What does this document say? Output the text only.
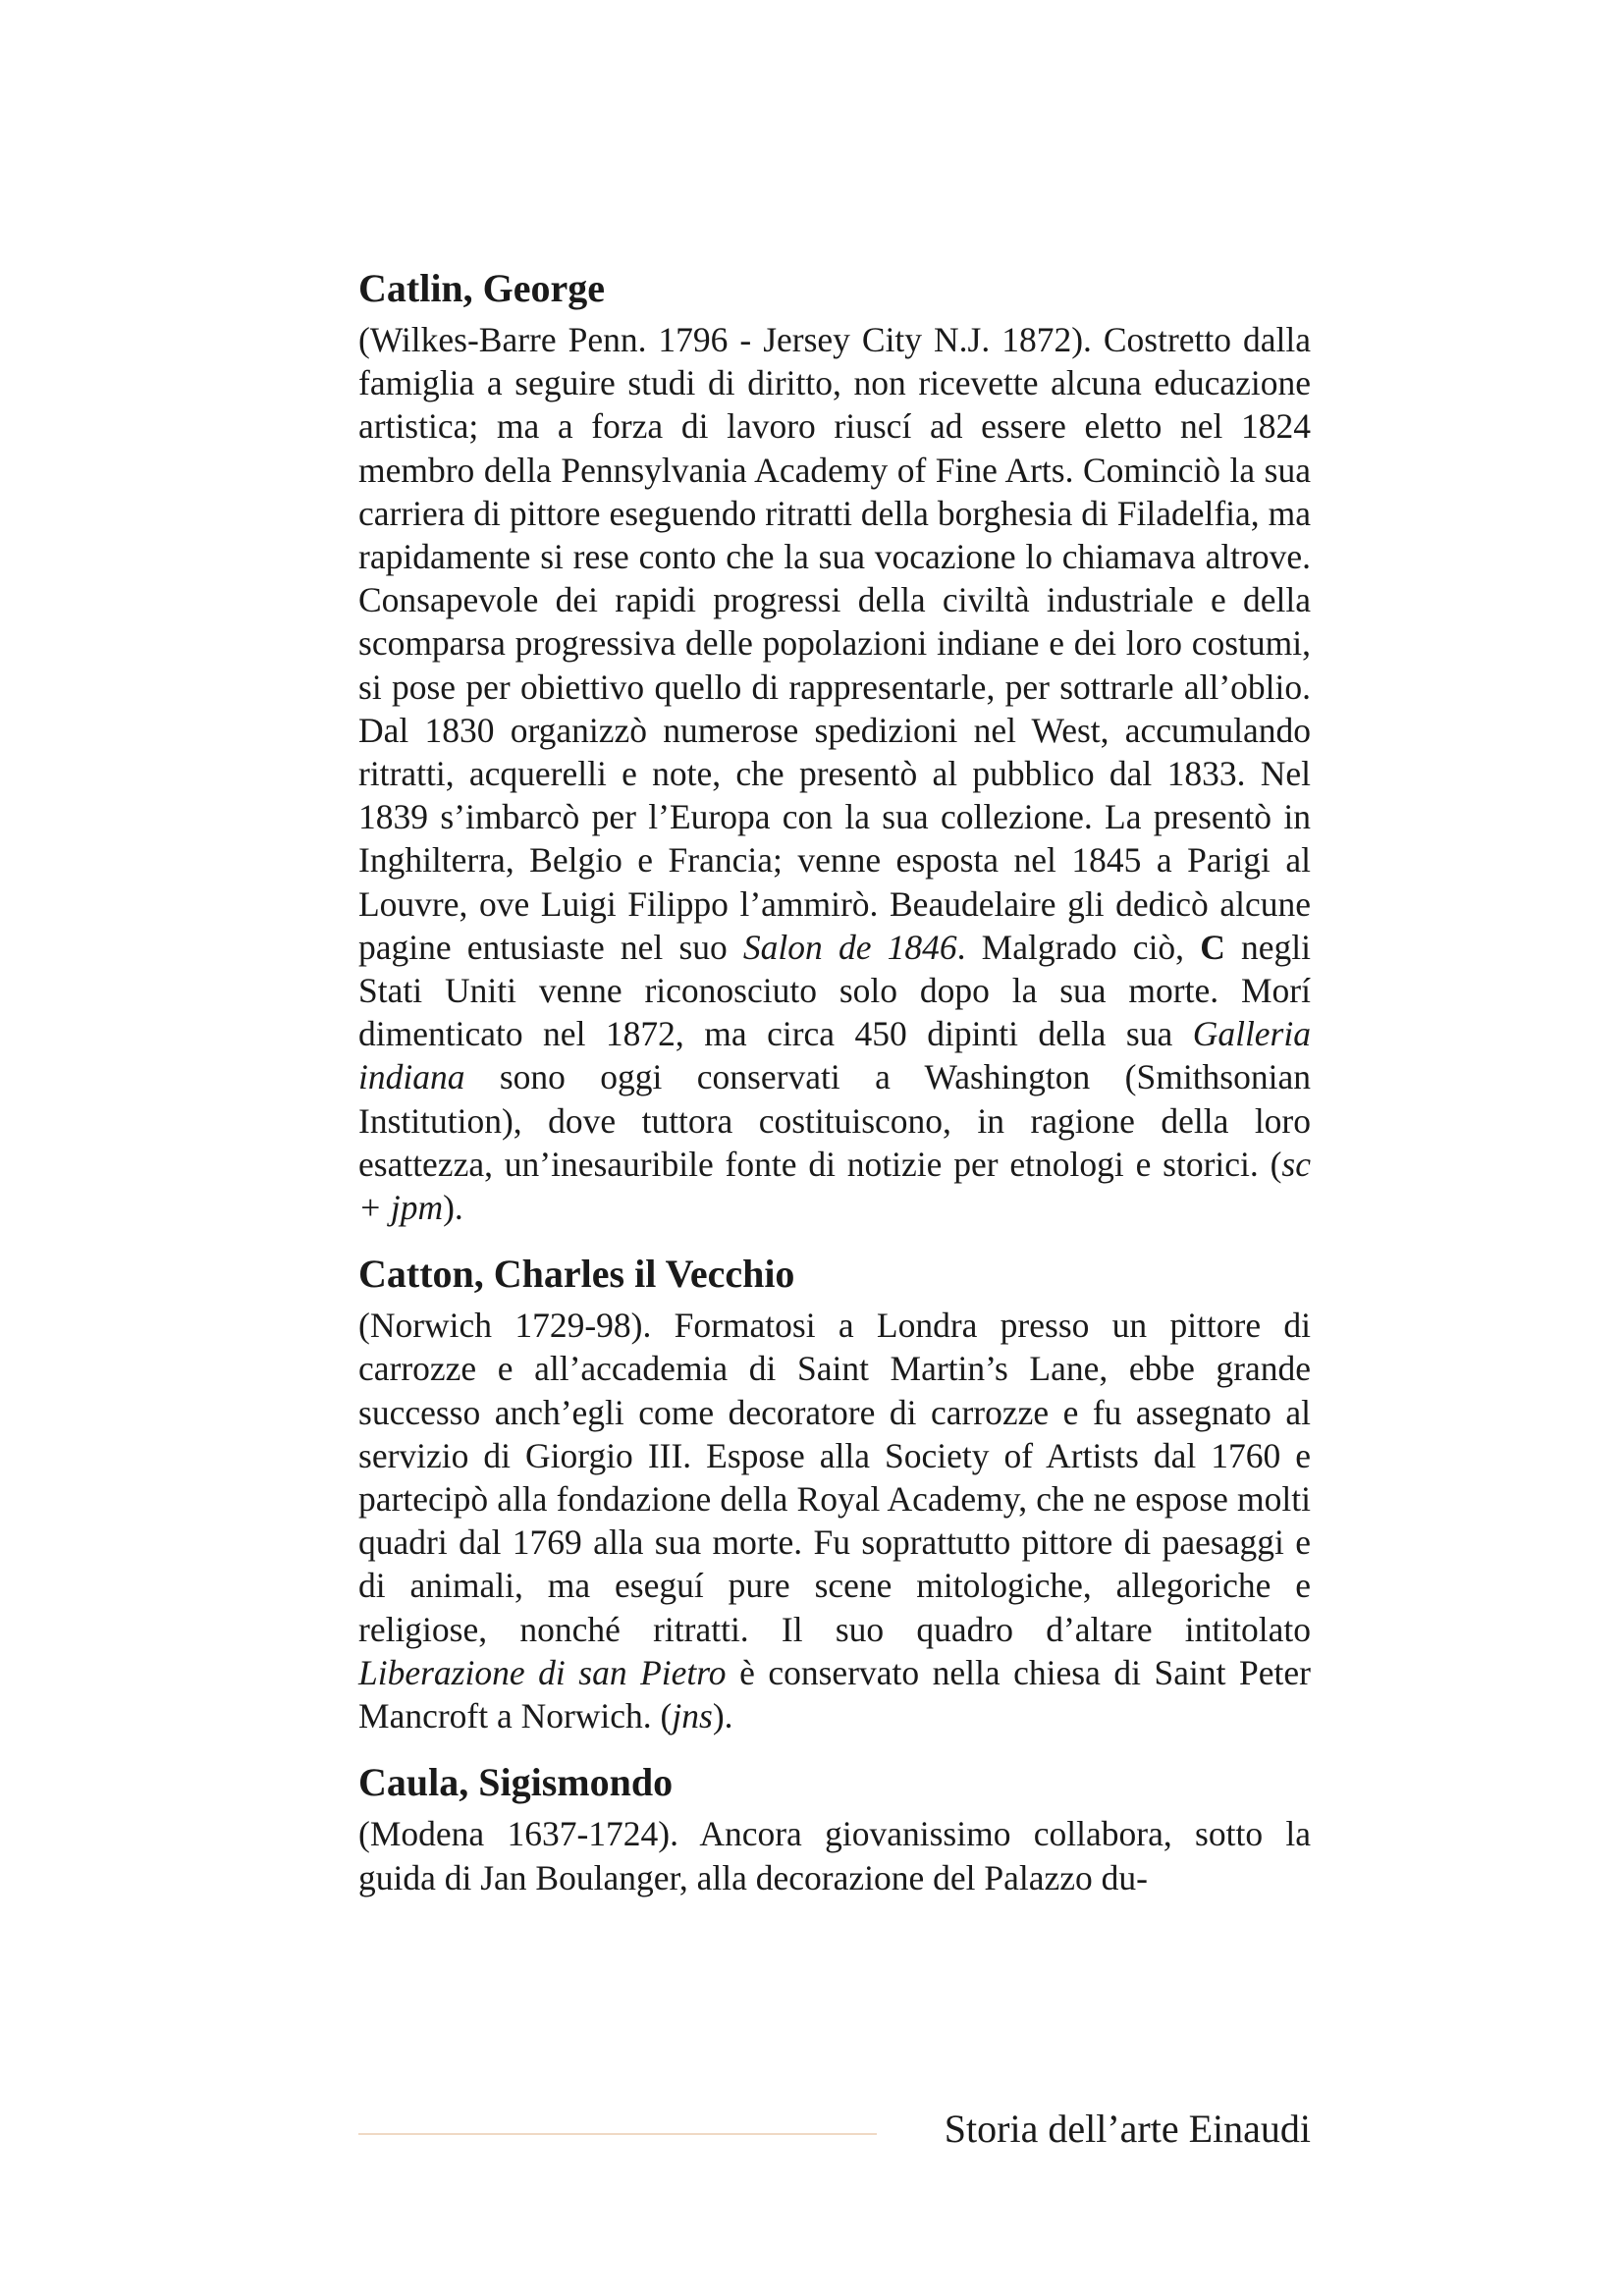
Catlin, George

(Wilkes-Barre Penn. 1796 - Jersey City N.J. 1872). Costretto dalla famiglia a seguire studi di diritto, non ricevette alcuna educazione artistica; ma a forza di lavoro riuscí ad essere eletto nel 1824 membro della Pennsylvania Academy of Fine Arts. Cominciò la sua carriera di pittore eseguendo ritratti della borghesia di Filadelfia, ma rapidamente si rese conto che la sua vocazione lo chiamava altrove. Consapevole dei rapidi progressi della civiltà industriale e della scomparsa progressiva delle popolazioni indiane e dei loro costumi, si pose per obiettivo quello di rappresentarle, per sottrarle all’oblio. Dal 1830 organizzò numerose spedizioni nel West, accumulando ritratti, acquerelli e note, che presentò al pubblico dal 1833. Nel 1839 s’imbarcò per l’Europa con la sua collezione. La presentò in Inghilterra, Belgio e Francia; venne esposta nel 1845 a Parigi al Louvre, ove Luigi Filippo l’ammirò. Beaudelaire gli dedicò alcune pagine entusiaste nel suo Salon de 1846. Malgrado ciò, C negli Stati Uniti venne riconosciuto solo dopo la sua morte. Morí dimenticato nel 1872, ma circa 450 dipinti della sua Galleria indiana sono oggi conservati a Washington (Smithsonian Institution), dove tuttora costituiscono, in ragione della loro esattezza, un’inesauribile fonte di notizie per etnologi e storici. (sc + jpm).

Catton, Charles il Vecchio

(Norwich 1729-98). Formatosi a Londra presso un pittore di carrozze e all’accademia di Saint Martin’s Lane, ebbe grande successo anch’egli come decoratore di carrozze e fu assegnato al servizio di Giorgio III. Espose alla Society of Artists dal 1760 e partecipò alla fondazione della Royal Academy, che ne espose molti quadri dal 1769 alla sua morte. Fu soprattutto pittore di paesaggi e di animali, ma eseguí pure scene mitologiche, allegoriche e religiose, nonché ritratti. Il suo quadro d’altare intitolato Liberazione di san Pietro è conservato nella chiesa di Saint Peter Mancroft a Norwich. (jns).

Caula, Sigismondo

(Modena 1637-1724). Ancora giovanissimo collabora, sotto la guida di Jan Boulanger, alla decorazione del Palazzo du-

Storia dell’arte Einaudi
